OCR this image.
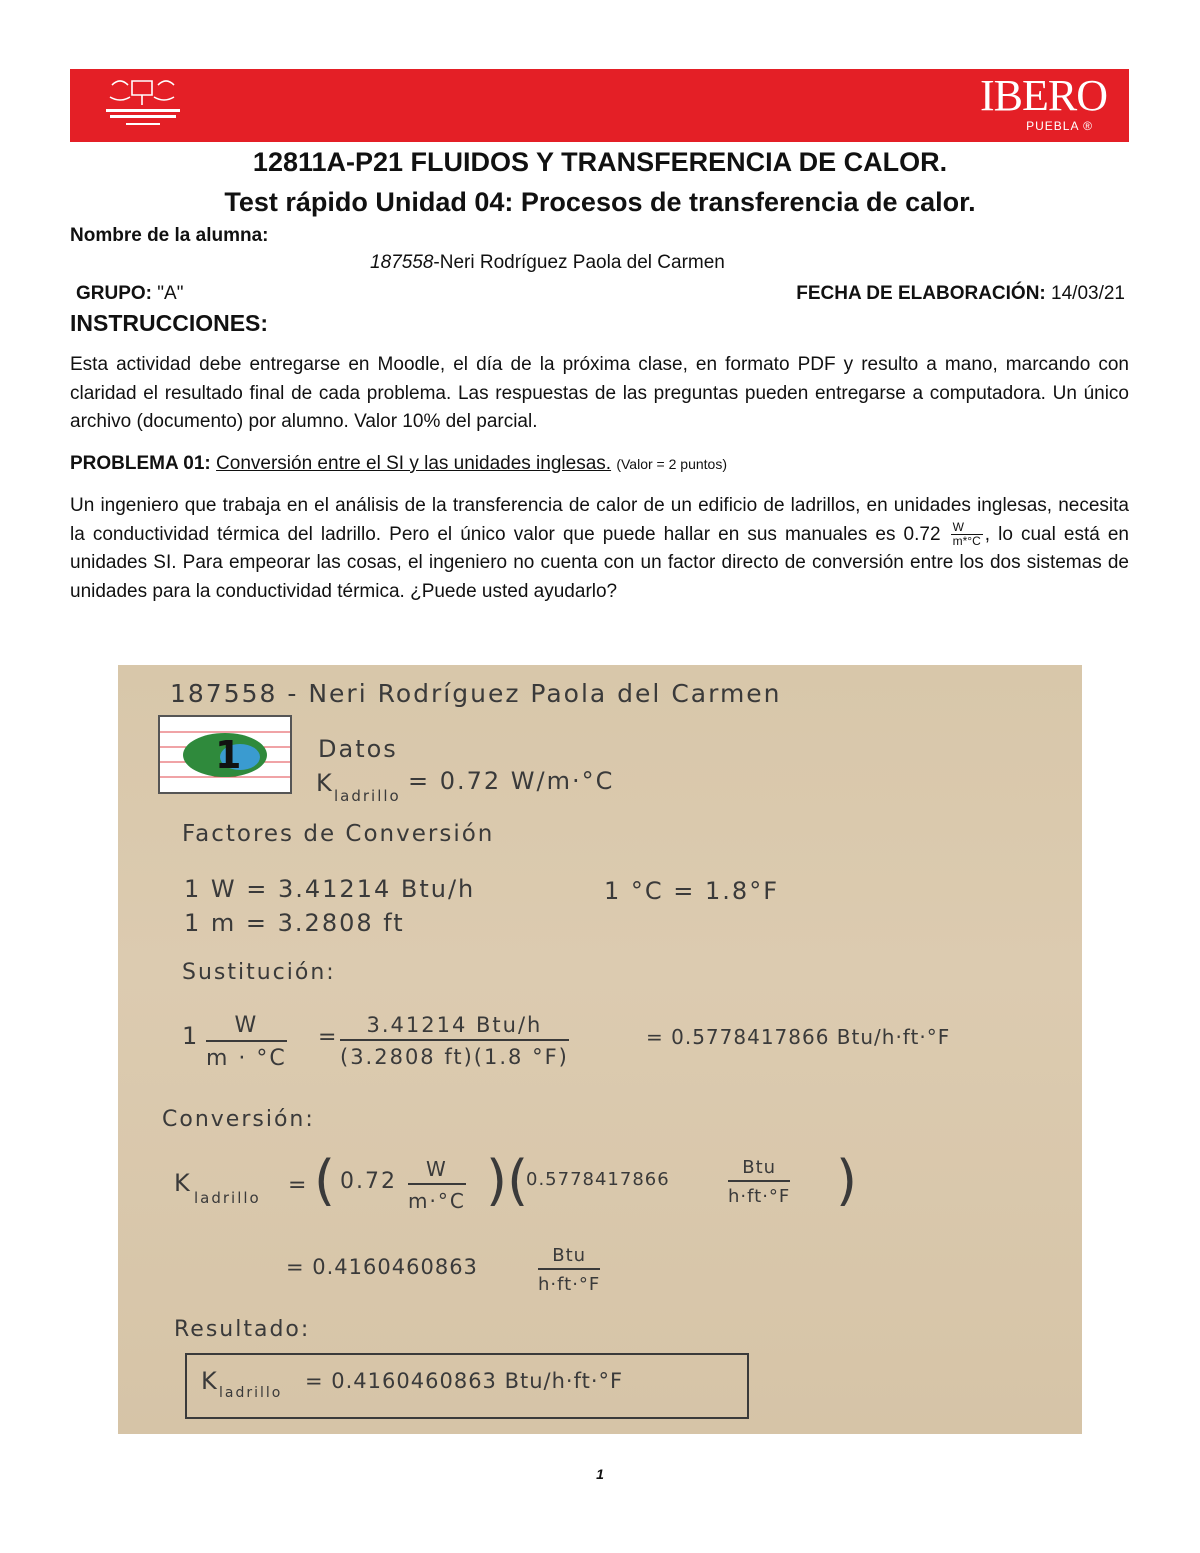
IBERO
PUEBLA ®
12811A-P21 FLUIDOS Y TRANSFERENCIA DE CALOR.
Test rápido Unidad 04: Procesos de transferencia de calor.
Nombre de la alumna:
187558-Neri Rodríguez Paola del Carmen
GRUPO: "A"	FECHA DE ELABORACIÓN: 14/03/21
INSTRUCCIONES:
Esta actividad debe entregarse en Moodle, el día de la próxima clase, en formato PDF y resulto a mano, marcando con claridad el resultado final de cada problema. Las respuestas de las preguntas pueden entregarse a computadora. Un único archivo (documento) por alumno. Valor 10% del parcial.
PROBLEMA 01: Conversión entre el SI y las unidades inglesas. (Valor = 2 puntos)
Un ingeniero que trabaja en el análisis de la transferencia de calor de un edificio de ladrillos, en unidades inglesas, necesita la conductividad térmica del ladrillo. Pero el único valor que puede hallar en sus manuales es $0.72 \frac{W}{m*^\circ C}$ , lo cual está en unidades SI. Para empeorar las cosas, el ingeniero no cuenta con un factor directo de conversión entre los dos sistemas de unidades para la conductividad térmica. ¿Puede usted ayudarlo?
187558 - Neri Rodríguez Paola del Carmen
1	Datos
K ladrillo
= 0.72 W/m·°C
Factores de Conversión
1 W = 3.41214 Btu/h	1 °C = 1.8°F
1 m = 3.2808 ft
Sustitución:
$1 \frac{W}{m \cdot ^\circ C}$ =	3.41214 Btu/h
(3.2808 ft)(1.8 °F)
= 0.5778417866 Btu/h·ft·°F
Conversión:
K
ladrillo = ( $0.72 \frac{W}{m\cdot^\circ C}$ )(
0.5778417866
Btu
h·ft·°F )
= 0.4160460863	Btu
h·ft·°F
Resultado:
K ladrillo = 0.4160460863 Btu/h·ft·°F
1
